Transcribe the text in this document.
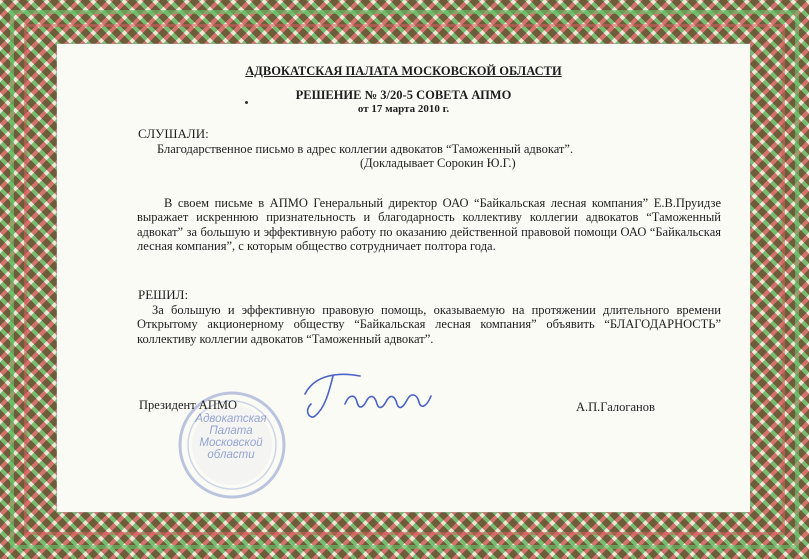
АДВОКАТСКАЯ ПАЛАТА МОСКОВСКОЙ ОБЛАСТИ
РЕШЕНИЕ № 3/20-5 СОВЕТА АПМО
от 17 марта 2010 г.
СЛУШАЛИ:
Благодарственное письмо в адрес коллегии адвокатов “Таможенный адвокат”.
(Докладывает Сорокин Ю.Г.)
В своем письме в АПМО Генеральный директор ОАО “Байкальская лесная компания” Е.В.Пруидзе выражает искреннюю признательность и благодарность коллективу коллегии адвокатов “Таможенный адвокат” за большую и эффективную работу по оказанию действенной правовой помощи ОАО “Байкальская лесная компания”, с которым общество сотрудничает полтора года.
РЕШИЛ:
За большую и эффективную правовую помощь, оказываемую на протяжении длительного времени Открытому акционерному обществу “Байкальская лесная компания” объявить “БЛАГОДАРНОСТЬ” коллективу коллегии адвокатов “Таможенный адвокат”.
Адвокатская Палата Московской области
Президент АПМО	А.П.Галоганов
